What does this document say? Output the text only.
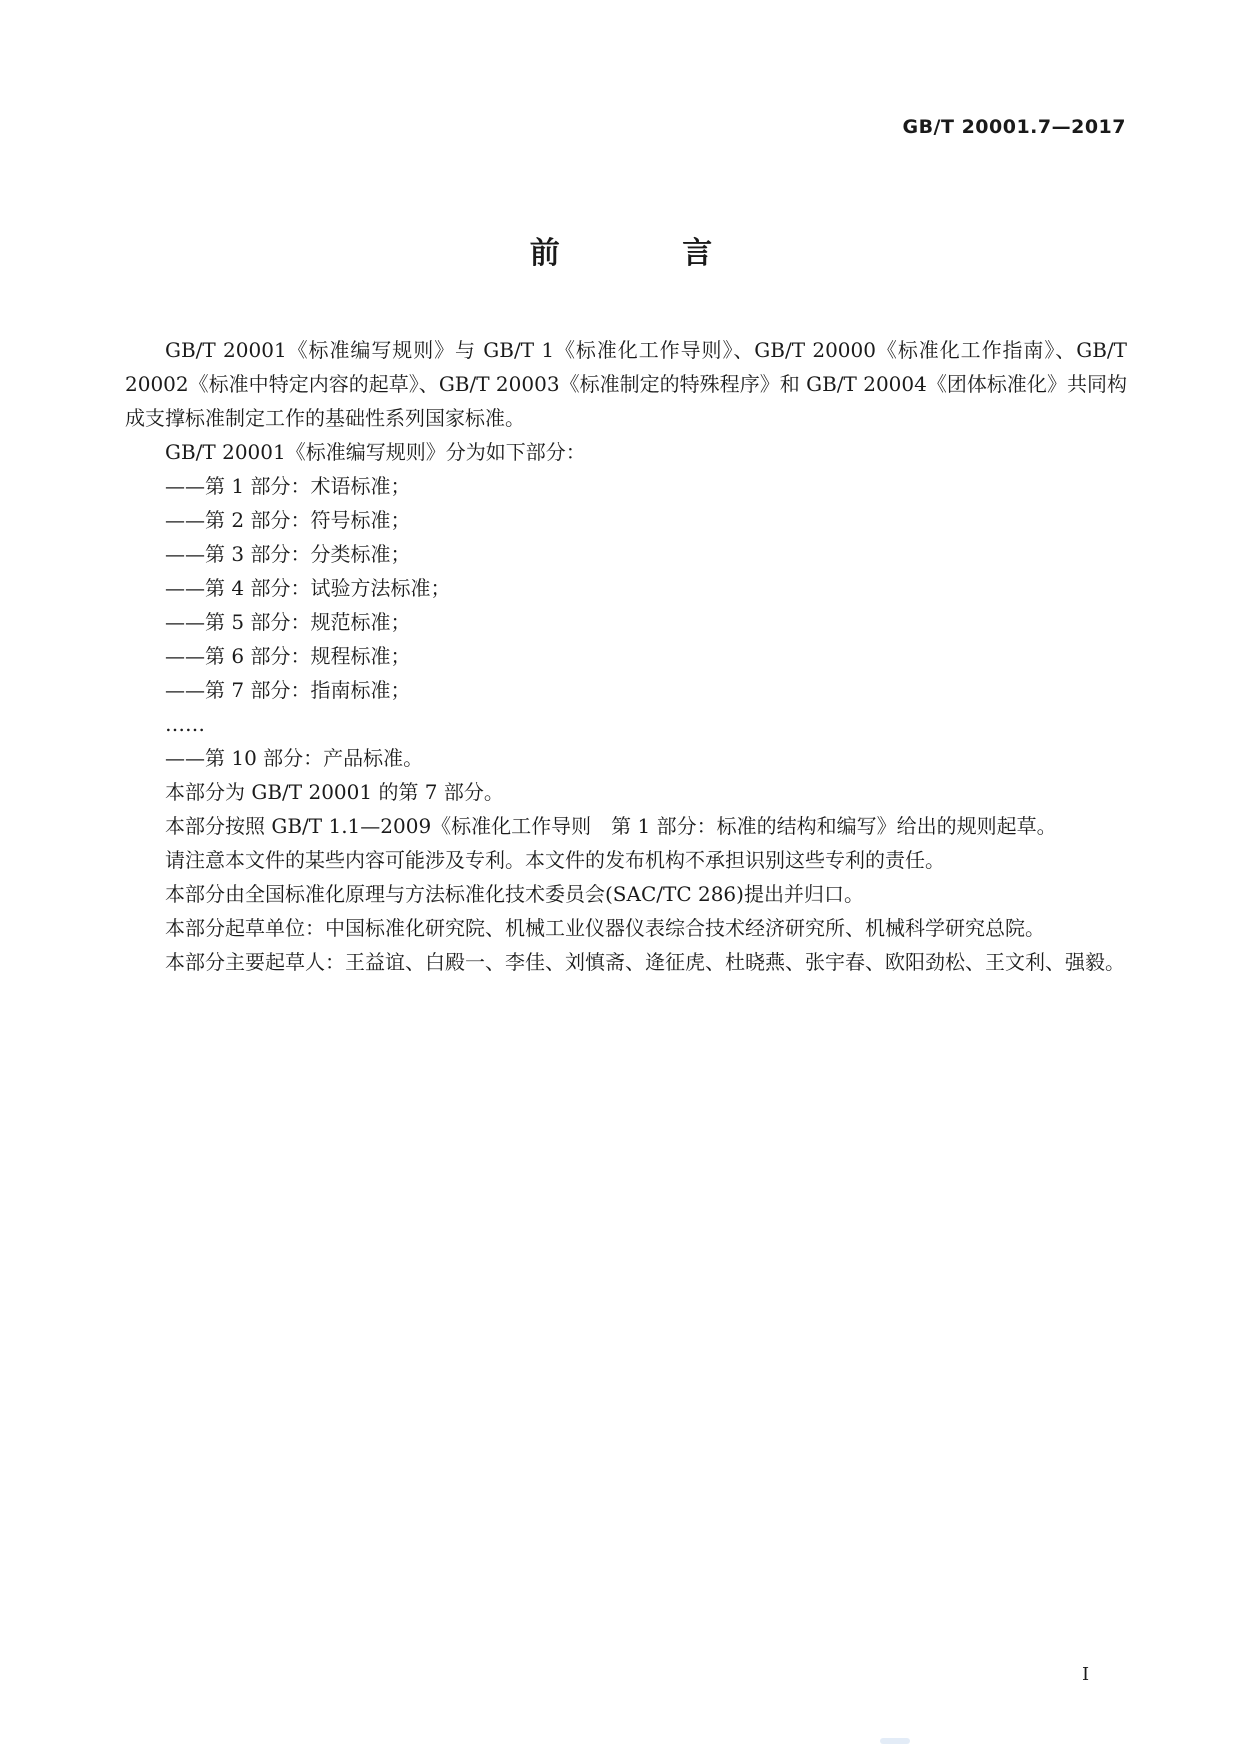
GB/T 20001.7—2017
前 言

GB/T 20001《标准编写规则》与 GB/T 1《标准化工作导则》、GB/T 20000《标准化工作指南》、GB/T 20002《标准中特定内容的起草》、GB/T 20003《标准制定的特殊程序》和 GB/T 20004《团体标准化》共同构成支撑标准制定工作的基础性系列国家标准。

GB/T 20001《标准编写规则》分为如下部分：

——第 1 部分：术语标准；

——第 2 部分：符号标准；

——第 3 部分：分类标准；

——第 4 部分：试验方法标准；

——第 5 部分：规范标准；

——第 6 部分：规程标准；

——第 7 部分：指南标准；

……

——第 10 部分：产品标准。

本部分为 GB/T 20001 的第 7 部分。

本部分按照 GB/T 1.1—2009《标准化工作导则　第 1 部分：标准的结构和编写》给出的规则起草。

请注意本文件的某些内容可能涉及专利。本文件的发布机构不承担识别这些专利的责任。

本部分由全国标准化原理与方法标准化技术委员会(SAC/TC 286)提出并归口。

本部分起草单位：中国标准化研究院、机械工业仪器仪表综合技术经济研究所、机械科学研究总院。

本部分主要起草人：王益谊、白殿一、李佳、刘慎斋、逄征虎、杜晓燕、张宇春、欧阳劲松、王文利、强毅。

I
